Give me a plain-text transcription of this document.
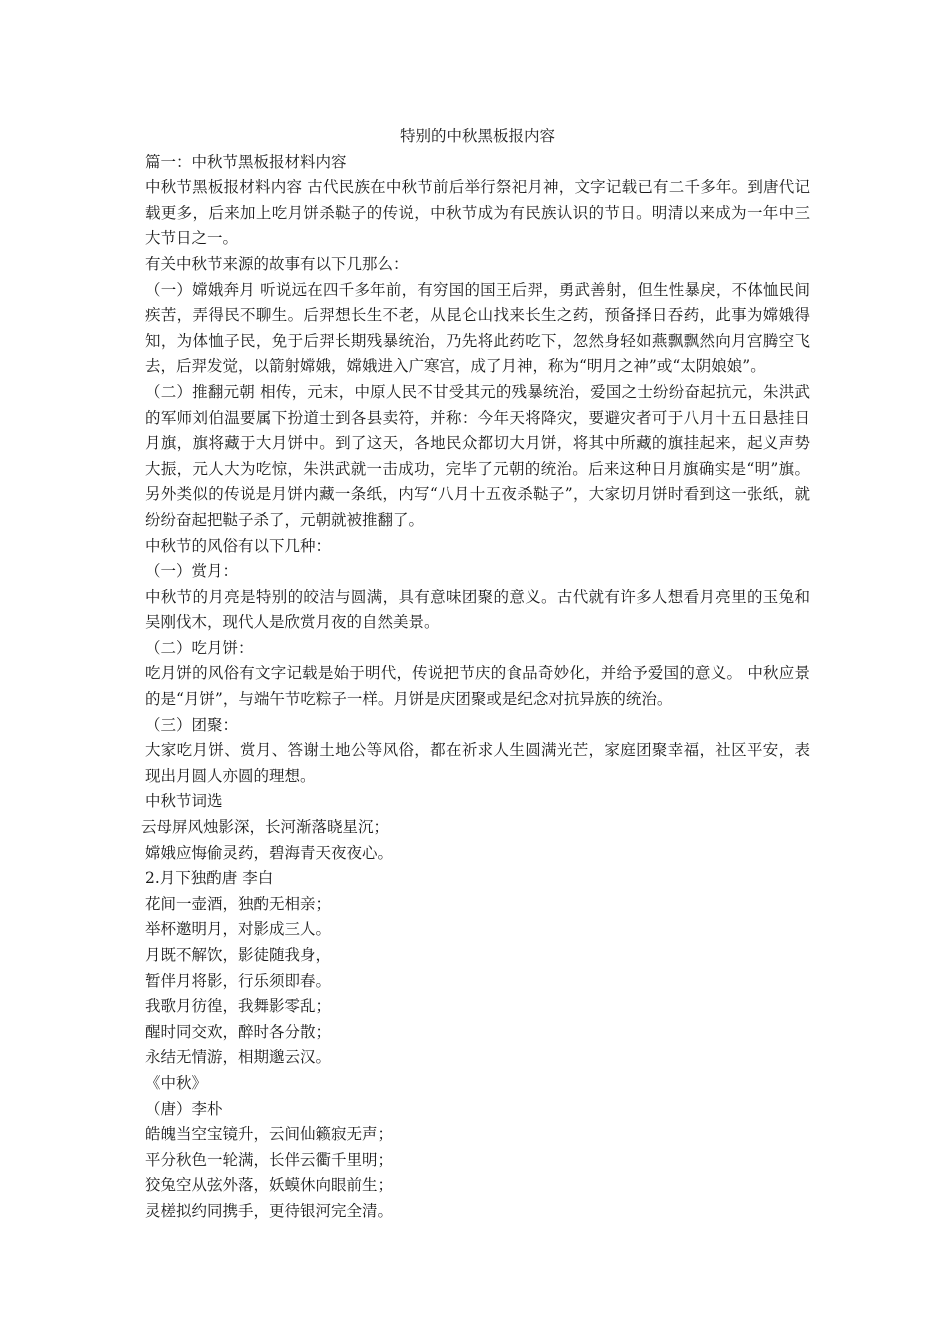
特别的中秋黑板报内容
篇一：中秋节黑板报材料内容
中秋节黑板报材料内容 古代民族在中秋节前后举行祭祀月神，文字记载已有二千多年。到唐代记载更多，后来加上吃月饼杀鞑子的传说，中秋节成为有民族认识的节日。明清以来成为一年中三大节日之一。
有关中秋节来源的故事有以下几那么：
（一）嫦娥奔月 听说远在四千多年前，有穷国的国王后羿，勇武善射，但生性暴戾，不体恤民间疾苦，弄得民不聊生。后羿想长生不老，从昆仑山找来长生之药，预备择日吞药，此事为嫦娥得知，为体恤子民，免于后羿长期残暴统治，乃先将此药吃下，忽然身轻如燕飘飘然向月宫腾空飞去，后羿发觉，以箭射嫦娥，嫦娥进入广寒宫，成了月神，称为“明月之神”或“太阴娘娘”。
（二）推翻元朝 相传，元末，中原人民不甘受其元的残暴统治，爱国之士纷纷奋起抗元，朱洪武的军师刘伯温要属下扮道士到各县卖符，并称：今年天将降灾，要避灾者可于八月十五日悬挂日月旗，旗将藏于大月饼中。到了这天，各地民众都切大月饼，将其中所藏的旗挂起来，起义声势大振，元人大为吃惊，朱洪武就一击成功，完毕了元朝的统治。后来这种日月旗确实是“明”旗。另外类似的传说是月饼内藏一条纸，内写“八月十五夜杀鞑子”，大家切月饼时看到这一张纸，就纷纷奋起把鞑子杀了，元朝就被推翻了。
中秋节的风俗有以下几种：
（一）赏月：
中秋节的月亮是特别的皎洁与圆满，具有意味团聚的意义。古代就有许多人想看月亮里的玉兔和吴刚伐木，现代人是欣赏月夜的自然美景。
（二）吃月饼：
吃月饼的风俗有文字记载是始于明代，传说把节庆的食品奇妙化，并给予爱国的意义。 中秋应景的是“月饼”，与端午节吃粽子一样。月饼是庆团聚或是纪念对抗异族的统治。
（三）团聚：
大家吃月饼、赏月、答谢土地公等风俗，都在祈求人生圆满光芒，家庭团聚幸福，社区平安，表现出月圆人亦圆的理想。
中秋节词选
云母屏风烛影深，长河渐落晓星沉；
嫦娥应悔偷灵药，碧海青天夜夜心。
2.月下独酌唐 李白
花间一壶酒，独酌无相亲；
举杯邀明月，对影成三人。
月既不解饮，影徒随我身，
暂伴月将影，行乐须即春。
我歌月彷徨，我舞影零乱；
醒时同交欢，醉时各分散；
永结无情游，相期邈云汉。
《中秋》
（唐）李朴
皓魄当空宝镜升，云间仙籁寂无声；
平分秋色一轮满，长伴云衢千里明；
狡兔空从弦外落，妖蟆休向眼前生；
灵槎拟约同携手，更待银河完全清。
